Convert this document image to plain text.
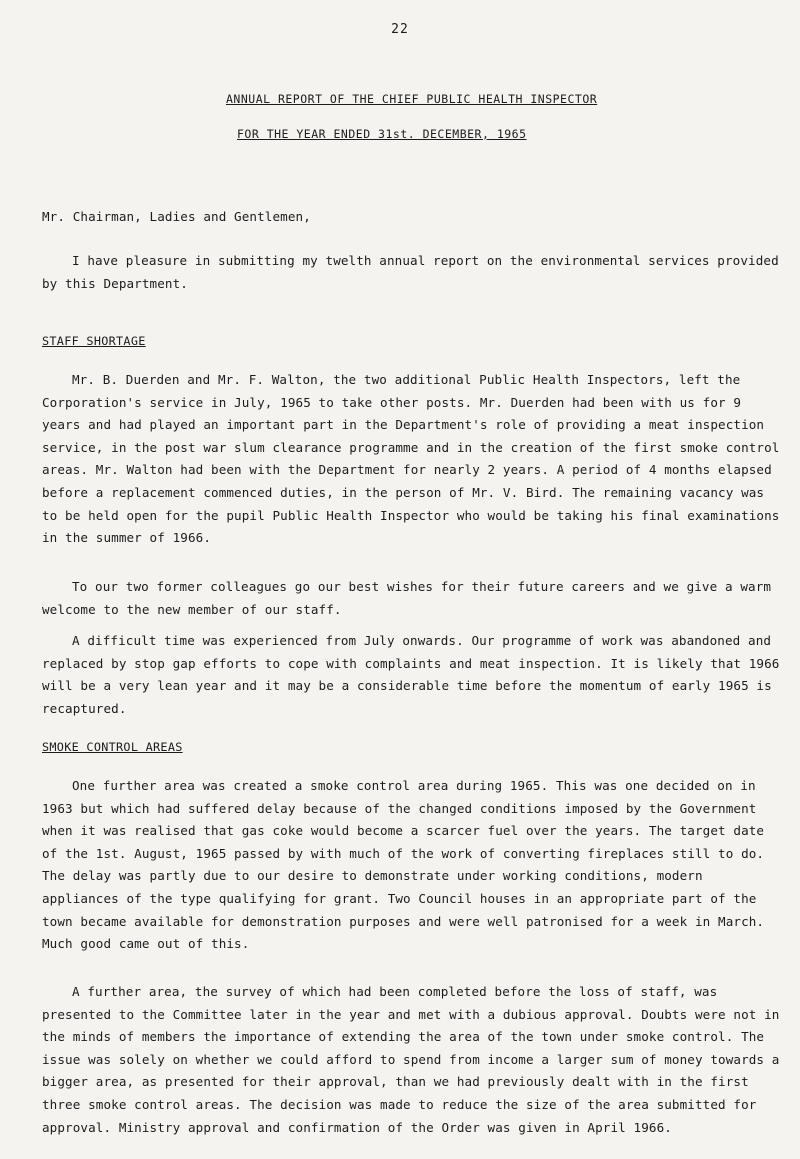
22
ANNUAL REPORT OF THE CHIEF PUBLIC HEALTH INSPECTOR
FOR THE YEAR ENDED 31st. DECEMBER, 1965
Mr. Chairman, Ladies and Gentlemen,

I have pleasure in submitting my twelth annual report on the environmental services provided by this Department.

STAFF SHORTAGE

Mr. B. Duerden and Mr. F. Walton, the two additional Public Health Inspectors, left the Corporation's service in July, 1965 to take other posts. Mr. Duerden had been with us for 9 years and had played an important part in the Department's role of providing a meat inspection service, in the post war slum clearance programme and in the creation of the first smoke control areas. Mr. Walton had been with the Department for nearly 2 years. A period of 4 months elapsed before a replacement commenced duties, in the person of Mr. V. Bird. The remaining vacancy was to be held open for the pupil Public Health Inspector who would be taking his final examinations in the summer of 1966.

To our two former colleagues go our best wishes for their future careers and we give a warm welcome to the new member of our staff.

A difficult time was experienced from July onwards. Our programme of work was abandoned and replaced by stop gap efforts to cope with complaints and meat inspection. It is likely that 1966 will be a very lean year and it may be a considerable time before the momentum of early 1965 is recaptured.

SMOKE CONTROL AREAS

One further area was created a smoke control area during 1965. This was one decided on in 1963 but which had suffered delay because of the changed conditions imposed by the Government when it was realised that gas coke would become a scarcer fuel over the years. The target date of the 1st. August, 1965 passed by with much of the work of converting fireplaces still to do. The delay was partly due to our desire to demonstrate under working conditions, modern appliances of the type qualifying for grant. Two Council houses in an appropriate part of the town became available for demonstration purposes and were well patronised for a week in March. Much good came out of this.

A further area, the survey of which had been completed before the loss of staff, was presented to the Committee later in the year and met with a dubious approval. Doubts were not in the minds of members the importance of extending the area of the town under smoke control. The issue was solely on whether we could afford to spend from income a larger sum of money towards a bigger area, as presented for their approval, than we had previously dealt with in the first three smoke control areas. The decision was made to reduce the size of the area submitted for approval. Ministry approval and confirmation of the Order was given in April 1966.
